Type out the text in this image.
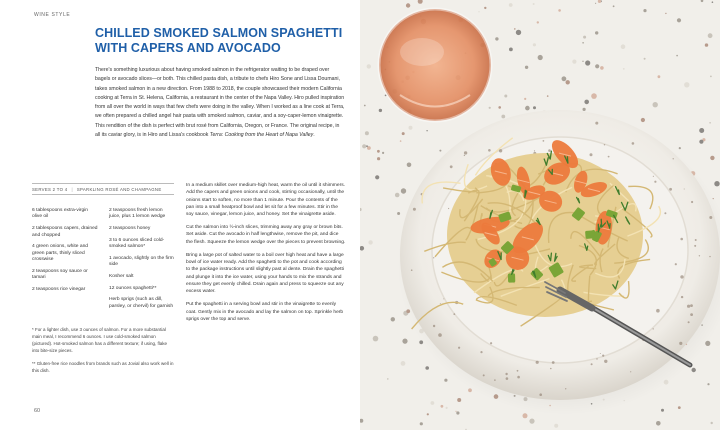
WINE STYLE
CHILLED SMOKED SALMON SPAGHETTI
WITH CAPERS AND AVOCADO

There's something luxurious about having smoked salmon in the refrigerator waiting to be draped over bagels or avocado slices—or both. This chilled pasta dish, a tribute to chefs Hiro Sone and Lissa Doumani, takes smoked salmon in a new direction. From 1988 to 2018, the couple showcased their modern California cooking at Terra in St. Helena, California, a restaurant in the center of the Napa Valley. Hiro pulled inspiration from all over the world in ways that few chefs were doing in the valley. When I worked as a line cook at Terra, we often prepared a chilled angel hair pasta with smoked salmon, caviar, and a soy-caper-lemon vinaigrette. This rendition of the dish is perfect with brut rosé from California, Oregon, or France. The original recipe, in all its caviar glory, is in Hiro and Lissa's cookbook Terra: Cooking from the Heart of Napa Valley.

SERVES 2 TO 4 | SPARKLING ROSÉ AND CHAMPAGNE
6 tablespoons extra-virgin olive oil
2 tablespoons capers, drained and chopped
4 green onions, white and green parts, thinly sliced crosswise
2 teaspoons soy sauce or tamari
2 teaspoons rice vinegar
2 teaspoons fresh lemon juice, plus 1 lemon wedge
2 teaspoons honey
3 to 6 ounces sliced cold-smoked salmon*
1 avocado, slightly on the firm side
Kosher salt
12 ounces spaghetti**
Herb sprigs (such as dill, parsley, or chervil) for garnish

* For a lighter dish, use 3 ounces of salmon. For a more substantial main meal, I recommend 6 ounces. I use cold-smoked salmon (pictured). Hot-smoked salmon has a different texture; if using, flake into bite-size pieces.

** Gluten-free rice noodles from brands such as Jovial also work well in this dish.

In a medium skillet over medium-high heat, warm the oil until it shimmers. Add the capers and green onions and cook, stirring occasionally, until the onions start to soften, no more than 1 minute. Pour the contents of the pan into a small heatproof bowl and let sit for a few minutes. Stir in the soy sauce, vinegar, lemon juice, and honey. Set the vinaigrette aside.

Cut the salmon into ½-inch slices, trimming away any gray or brown bits. Set aside. Cut the avocado in half lengthwise, remove the pit, and dice the flesh. Squeeze the lemon wedge over the pieces to prevent browning.

Bring a large pot of salted water to a boil over high heat and have a large bowl of ice water ready. Add the spaghetti to the pot and cook according to the package instructions until slightly past al dente. Drain the spaghetti and plunge it into the ice water, using your hands to mix the strands and ensure they get evenly chilled. Drain again and press to squeeze out any excess water.

Put the spaghetti in a serving bowl and stir in the vinaigrette to evenly coat. Gently mix in the avocado and lay the salmon on top. Sprinkle herb sprigs over the top and serve.

60
